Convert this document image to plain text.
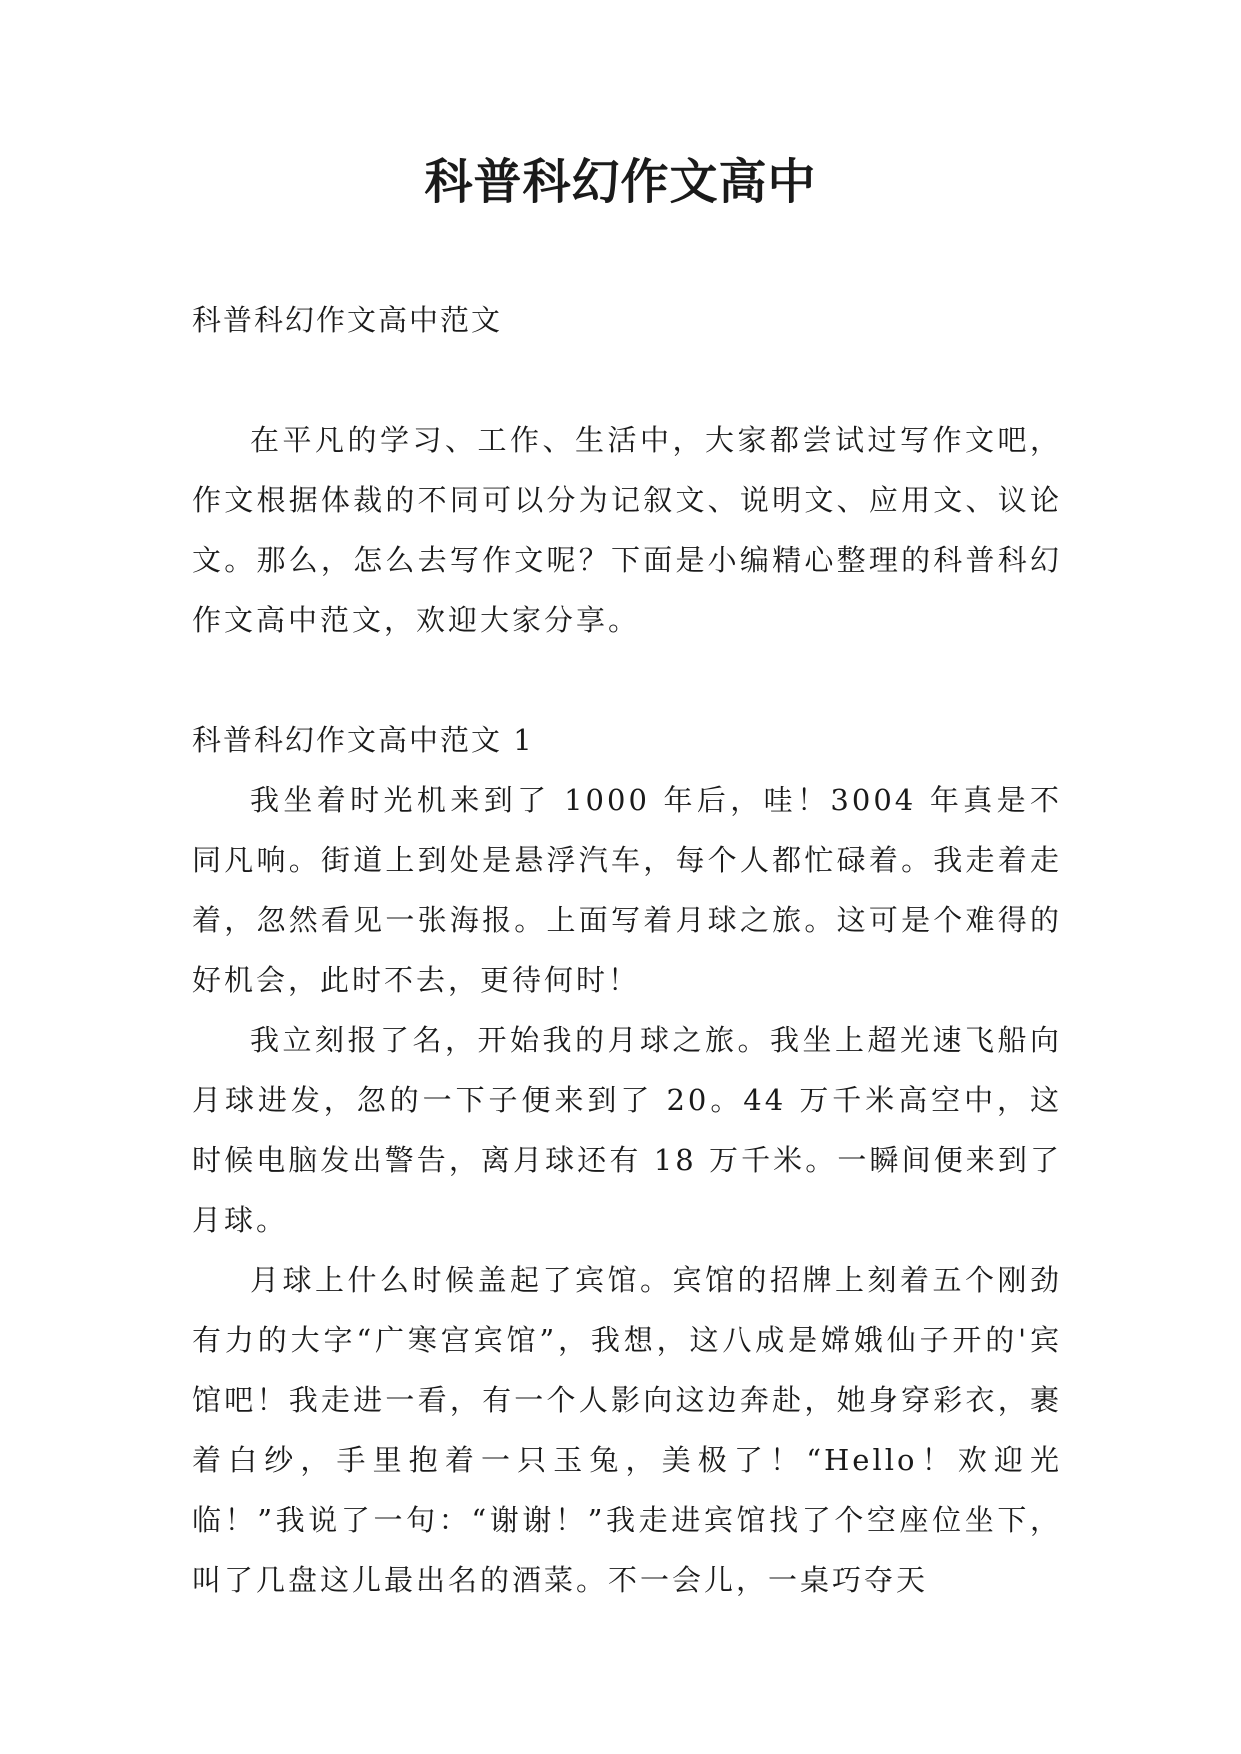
科普科幻作文高中

科普科幻作文高中范文

在平凡的学习、工作、生活中，大家都尝试过写作文吧，作文根据体裁的不同可以分为记叙文、说明文、应用文、议论文。那么，怎么去写作文呢？下面是小编精心整理的科普科幻作文高中范文，欢迎大家分享。

科普科幻作文高中范文 1

我坐着时光机来到了 1000 年后，哇！3004 年真是不同凡响。街道上到处是悬浮汽车，每个人都忙碌着。我走着走着，忽然看见一张海报。上面写着月球之旅。这可是个难得的好机会，此时不去，更待何时！

我立刻报了名，开始我的月球之旅。我坐上超光速飞船向月球进发，忽的一下子便来到了 20。44 万千米高空中，这时候电脑发出警告，离月球还有 18 万千米。一瞬间便来到了月球。

月球上什么时候盖起了宾馆。宾馆的招牌上刻着五个刚劲有力的大字“广寒宫宾馆”，我想，这八成是嫦娥仙子开的'宾馆吧！我走进一看，有一个人影向这边奔赴，她身穿彩衣，裹着白纱，手里抱着一只玉兔，美极了！“Hello！欢迎光临！”我说了一句：“谢谢！”我走进宾馆找了个空座位坐下，叫了几盘这儿最出名的酒菜。不一会儿，一桌巧夺天
